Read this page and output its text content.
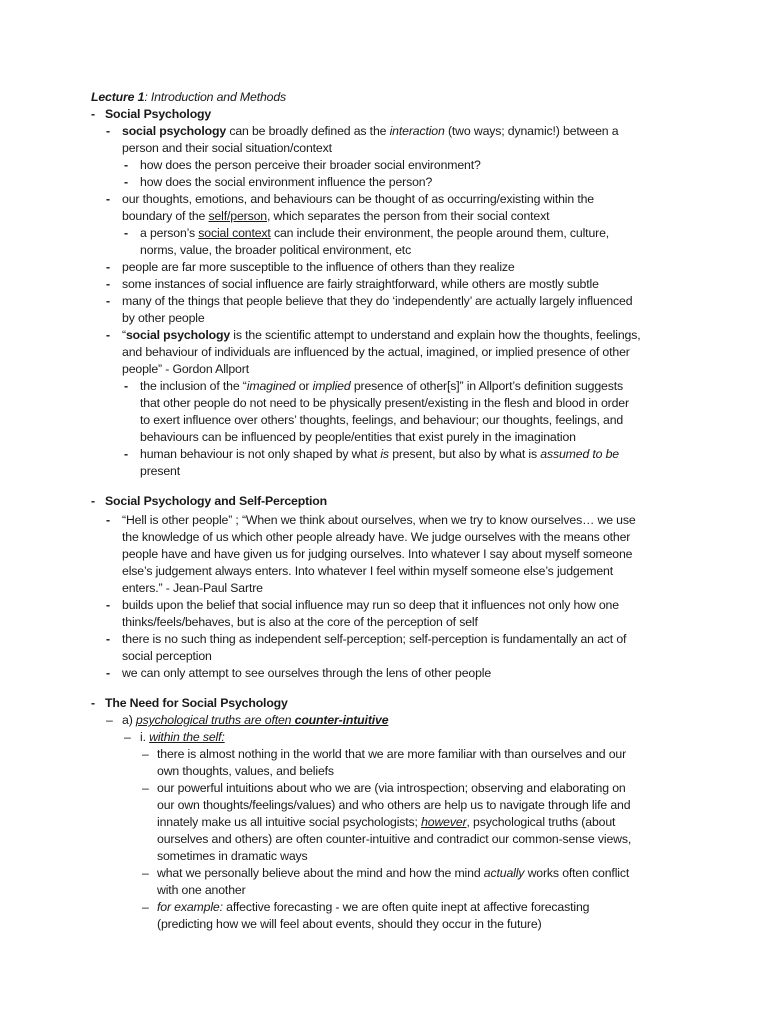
Lecture 1: Introduction and Methods
- Social Psychology
- social psychology can be broadly defined as the interaction (two ways; dynamic!) between a
person and their social situation/context
- how does the person perceive their broader social environment?
- how does the social environment influence the person?
- our thoughts, emotions, and behaviours can be thought of as occurring/existing within the
boundary of the self/person, which separates the person from their social context
- a person’s social context can include their environment, the people around them, culture,
norms, value, the broader political environment, etc
- people are far more susceptible to the influence of others than they realize
- some instances of social influence are fairly straightforward, while others are mostly subtle
- many of the things that people believe that they do ‘independently’ are actually largely influenced
by other people
- “social psychology is the scientific attempt to understand and explain how the thoughts, feelings,
and behaviour of individuals are influenced by the actual, imagined, or implied presence of other
people” - Gordon Allport
- the inclusion of the “imagined or implied presence of other[s]” in Allport’s definition suggests
that other people do not need to be physically present/existing in the flesh and blood in order
to exert influence over others’ thoughts, feelings, and behaviour; our thoughts, feelings, and
behaviours can be influenced by people/entities that exist purely in the imagination
- human behaviour is not only shaped by what is present, but also by what is assumed to be
present
- Social Psychology and Self-Perception
- “Hell is other people” ; “When we think about ourselves, when we try to know ourselves… we use
the knowledge of us which other people already have. We judge ourselves with the means other
people have and have given us for judging ourselves. Into whatever I say about myself someone
else’s judgement always enters. Into whatever I feel within myself someone else’s judgement
enters.” - Jean-Paul Sartre
- builds upon the belief that social influence may run so deep that it influences not only how one
thinks/feels/behaves, but is also at the core of the perception of self
- there is no such thing as independent self-perception; self-perception is fundamentally an act of
social perception
- we can only attempt to see ourselves through the lens of other people
- The Need for Social Psychology
– a) psychological truths are often counter-intuitive
– i. within the self:
– there is almost nothing in the world that we are more familiar with than ourselves and our
own thoughts, values, and beliefs
– our powerful intuitions about who we are (via introspection; observing and elaborating on
our own thoughts/feelings/values) and who others are help us to navigate through life and
innately make us all intuitive social psychologists; however, psychological truths (about
ourselves and others) are often counter-intuitive and contradict our common-sense views,
sometimes in dramatic ways
– what we personally believe about the mind and how the mind actually works often conflict
with one another
– for example: affective forecasting - we are often quite inept at affective forecasting
(predicting how we will feel about events, should they occur in the future)
